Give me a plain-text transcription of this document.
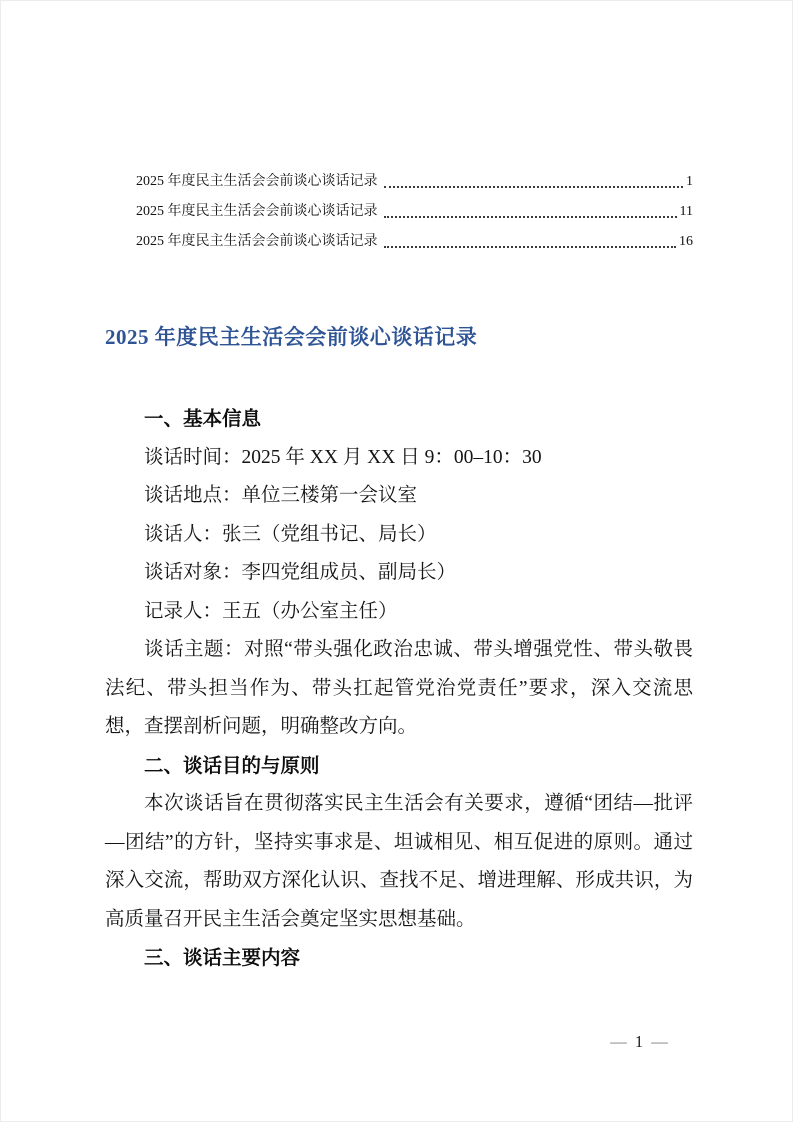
2025 年度民主生活会会前谈心谈话记录	1
2025 年度民主生活会会前谈心谈话记录	11
2025 年度民主生活会会前谈心谈话记录	16
2025 年度民主生活会会前谈心谈话记录
一、基本信息

谈话时间：2025 年 XX 月 XX 日 9：00–10：30

谈话地点：单位三楼第一会议室

谈话人：张三（党组书记、局长）

谈话对象：李四党组成员、副局长）

记录人：王五（办公室主任）

谈话主题：对照“带头强化政治忠诚、带头增强党性、带头敬畏法纪、带头担当作为、带头扛起管党治党责任”要求，深入交流思想，查摆剖析问题，明确整改方向。

二、谈话目的与原则

本次谈话旨在贯彻落实民主生活会有关要求，遵循“团结—批评—团结”的方针，坚持实事求是、坦诚相见、相互促进的原则。通过深入交流，帮助双方深化认识、查找不足、增进理解、形成共识，为高质量召开民主生活会奠定坚实思想基础。

三、谈话主要内容
— 1 —
